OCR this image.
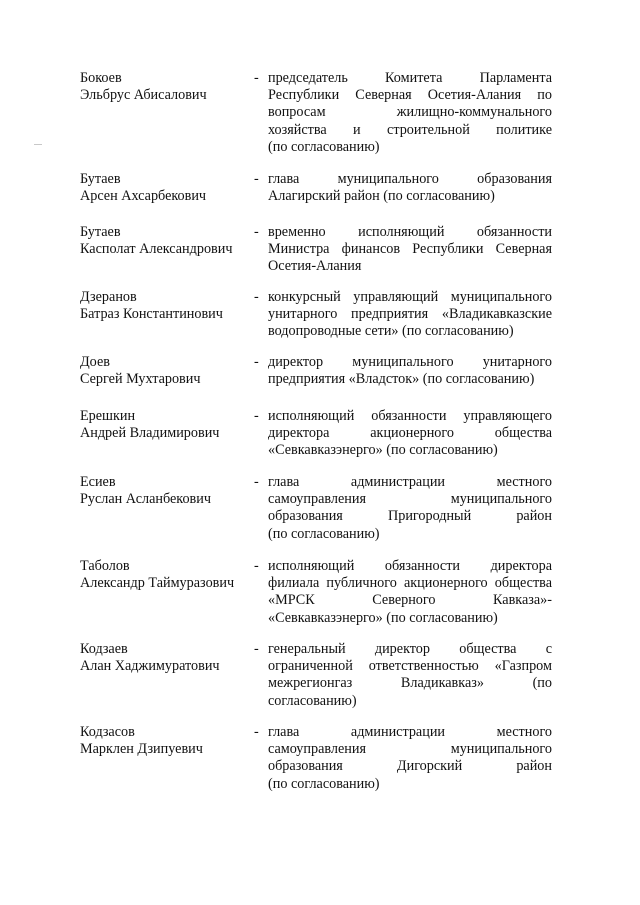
Бокоев
Эльбрус Абисалович
- председатель Комитета Парламента
Республики Северная Осетия-Алания по
вопросам жилищно-коммунального
хозяйства и строительной политике
(по согласованию)
Бутаев
Арсен Ахсарбекович
- глава муниципального образования
Алагирский район (по согласованию)
Бутаев
Касполат Александрович
- временно исполняющий обязанности
Министра финансов Республики Северная
Осетия-Алания
Дзеранов
Батраз Константинович
- конкурсный управляющий муниципального
унитарного предприятия «Владикавказские
водопроводные сети» (по согласованию)
Доев
Сергей Мухтарович
- директор муниципального унитарного
предприятия «Владсток» (по согласованию)
Ерешкин
Андрей Владимирович
- исполняющий обязанности управляющего
директора акционерного общества
«Севкавказэнерго» (по согласованию)
Есиев
Руслан Асланбекович
- глава администрации местного
самоуправления муниципального
образования Пригородный район
(по согласованию)
Таболов
Александр Таймуразович
- исполняющий обязанности директора
филиала публичного акционерного общества
«МРСК Северного Кавказа»-
«Севкавказэнерго» (по согласованию)
Кодзаев
Алан Хаджимуратович
- генеральный директор общества с
ограниченной ответственностью «Газпром
межрегионгаз Владикавказ» (по
согласованию)
Кодзасов
Марклен Дзипуевич
- глава администрации местного
самоуправления муниципального
образования Дигорский район
(по согласованию)
